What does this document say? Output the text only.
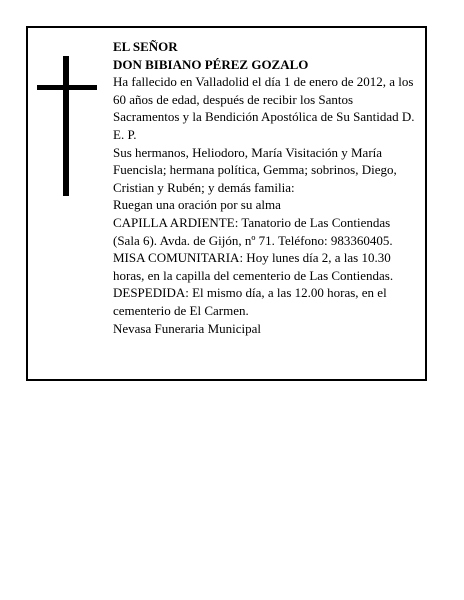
EL SEÑOR

DON BIBIANO PÉREZ GOZALO

Ha fallecido en Valladolid el día 1 de enero de 2012, a los 60 años de edad, después de recibir los Santos Sacramentos y la Bendición Apostólica de Su Santidad D. E. P.

Sus hermanos, Heliodoro, María Visitación y María Fuencisla; hermana política, Gemma; sobrinos, Diego, Cristian y Rubén; y demás familia:

Ruegan una oración por su alma

CAPILLA ARDIENTE: Tanatorio de Las Contiendas (Sala 6). Avda. de Gijón, nº 71. Teléfono: 983360405.

MISA COMUNITARIA: Hoy lunes día 2, a las 10.30 horas, en la capilla del cementerio de Las Contiendas.

DESPEDIDA: El mismo día, a las 12.00 horas, en el cementerio de El Carmen.

Nevasa Funeraria Municipal
